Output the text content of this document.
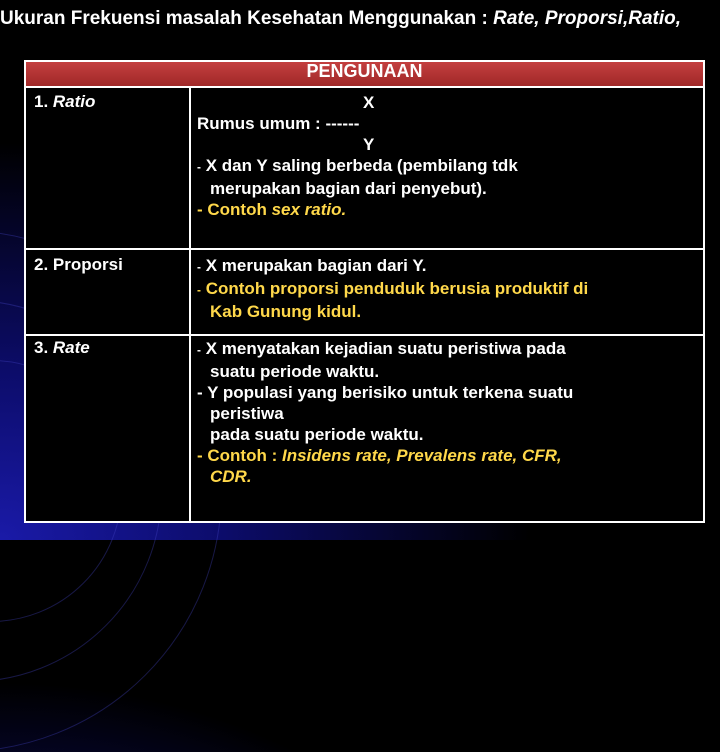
Ukuran Frekuensi masalah Kesehatan Menggunakan : Rate, Proporsi,Ratio,
PENGUNAAN
1. Ratio	X
Rumus umum : ------
Y
- X dan Y saling berbeda (pembilang tdk
merupakan bagian dari penyebut).
- Contoh sex ratio.
2. Proporsi	- X merupakan bagian dari Y.
- Contoh proporsi penduduk berusia produktif di
Kab Gunung kidul.
3. Rate	- X menyatakan kejadian suatu peristiwa pada
suatu periode waktu.
- Y populasi yang berisiko untuk terkena suatu
peristiwa
pada suatu periode waktu.
- Contoh : Insidens rate, Prevalens rate, CFR,
CDR.
